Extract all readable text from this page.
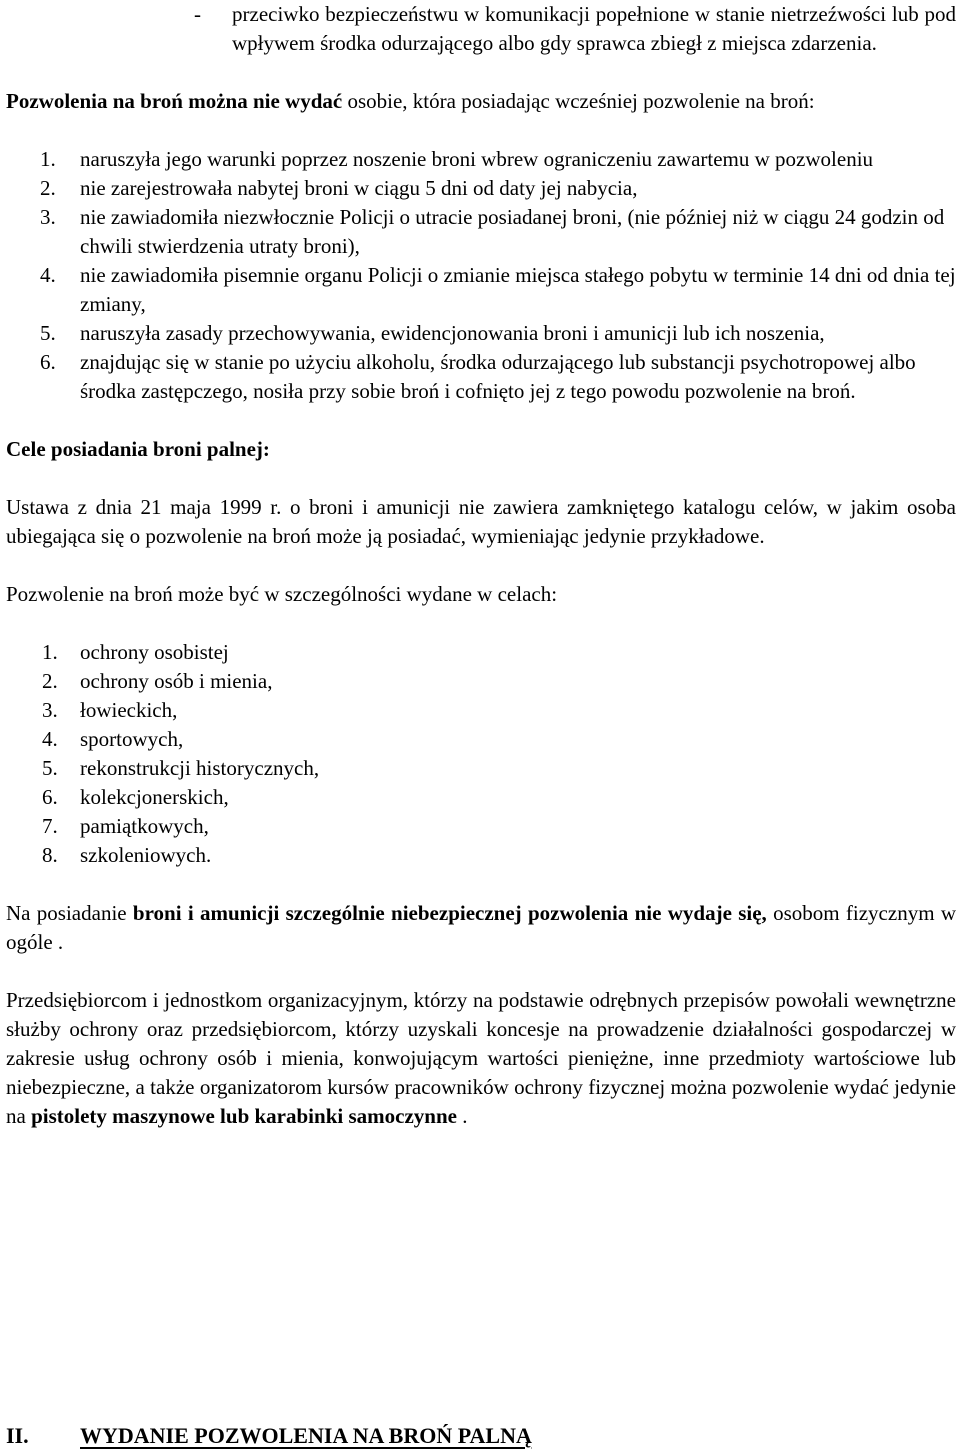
- przeciwko bezpieczeństwu w komunikacji popełnione w stanie nietrzeźwości lub pod wpływem środka odurzającego albo gdy sprawca zbiegł z miejsca zdarzenia.

Pozwolenia na broń można nie wydać osobie, która posiadając wcześniej pozwolenie na broń:

1. naruszyła jego warunki poprzez noszenie broni wbrew ograniczeniu zawartemu w pozwoleniu
2. nie zarejestrowała nabytej broni w ciągu 5 dni od daty jej nabycia,
3. nie zawiadomiła niezwłocznie Policji o utracie posiadanej broni, (nie później niż w ciągu 24 godzin od chwili stwierdzenia utraty broni),
4. nie zawiadomiła pisemnie organu Policji o zmianie miejsca stałego pobytu w terminie 14 dni od dnia tej zmiany,
5. naruszyła zasady przechowywania, ewidencjonowania broni i amunicji lub ich noszenia,
6. znajdując się w stanie po użyciu alkoholu, środka odurzającego lub substancji psychotropowej albo środka zastępczego, nosiła przy sobie broń i cofnięto jej z tego powodu pozwolenie na broń.

Cele posiadania broni palnej:

Ustawa z dnia 21 maja 1999 r. o broni i amunicji nie zawiera zamkniętego katalogu celów, w jakim osoba ubiegająca się o pozwolenie na broń może ją posiadać, wymieniając jedynie przykładowe.

Pozwolenie na broń może być w szczególności wydane w celach:

1. ochrony osobistej
2. ochrony osób i mienia,
3. łowieckich,
4. sportowych,
5. rekonstrukcji historycznych,
6. kolekcjonerskich,
7. pamiątkowych,
8. szkoleniowych.

Na posiadanie broni i amunicji szczególnie niebezpiecznej pozwolenia nie wydaje się, osobom fizycznym w ogóle .

Przedsiębiorcom i jednostkom organizacyjnym, którzy na podstawie odrębnych przepisów powołali wewnętrzne służby ochrony oraz przedsiębiorcom, którzy uzyskali koncesje na prowadzenie działalności gospodarczej w zakresie usług ochrony osób i mienia, konwojującym wartości pieniężne, inne przedmioty wartościowe lub niebezpieczne, a także organizatorom kursów pracowników ochrony fizycznej można pozwolenie wydać jedynie na pistolety maszynowe lub karabinki samoczynne .

II. WYDANIE POZWOLENIA NA BROŃ PALNĄ
